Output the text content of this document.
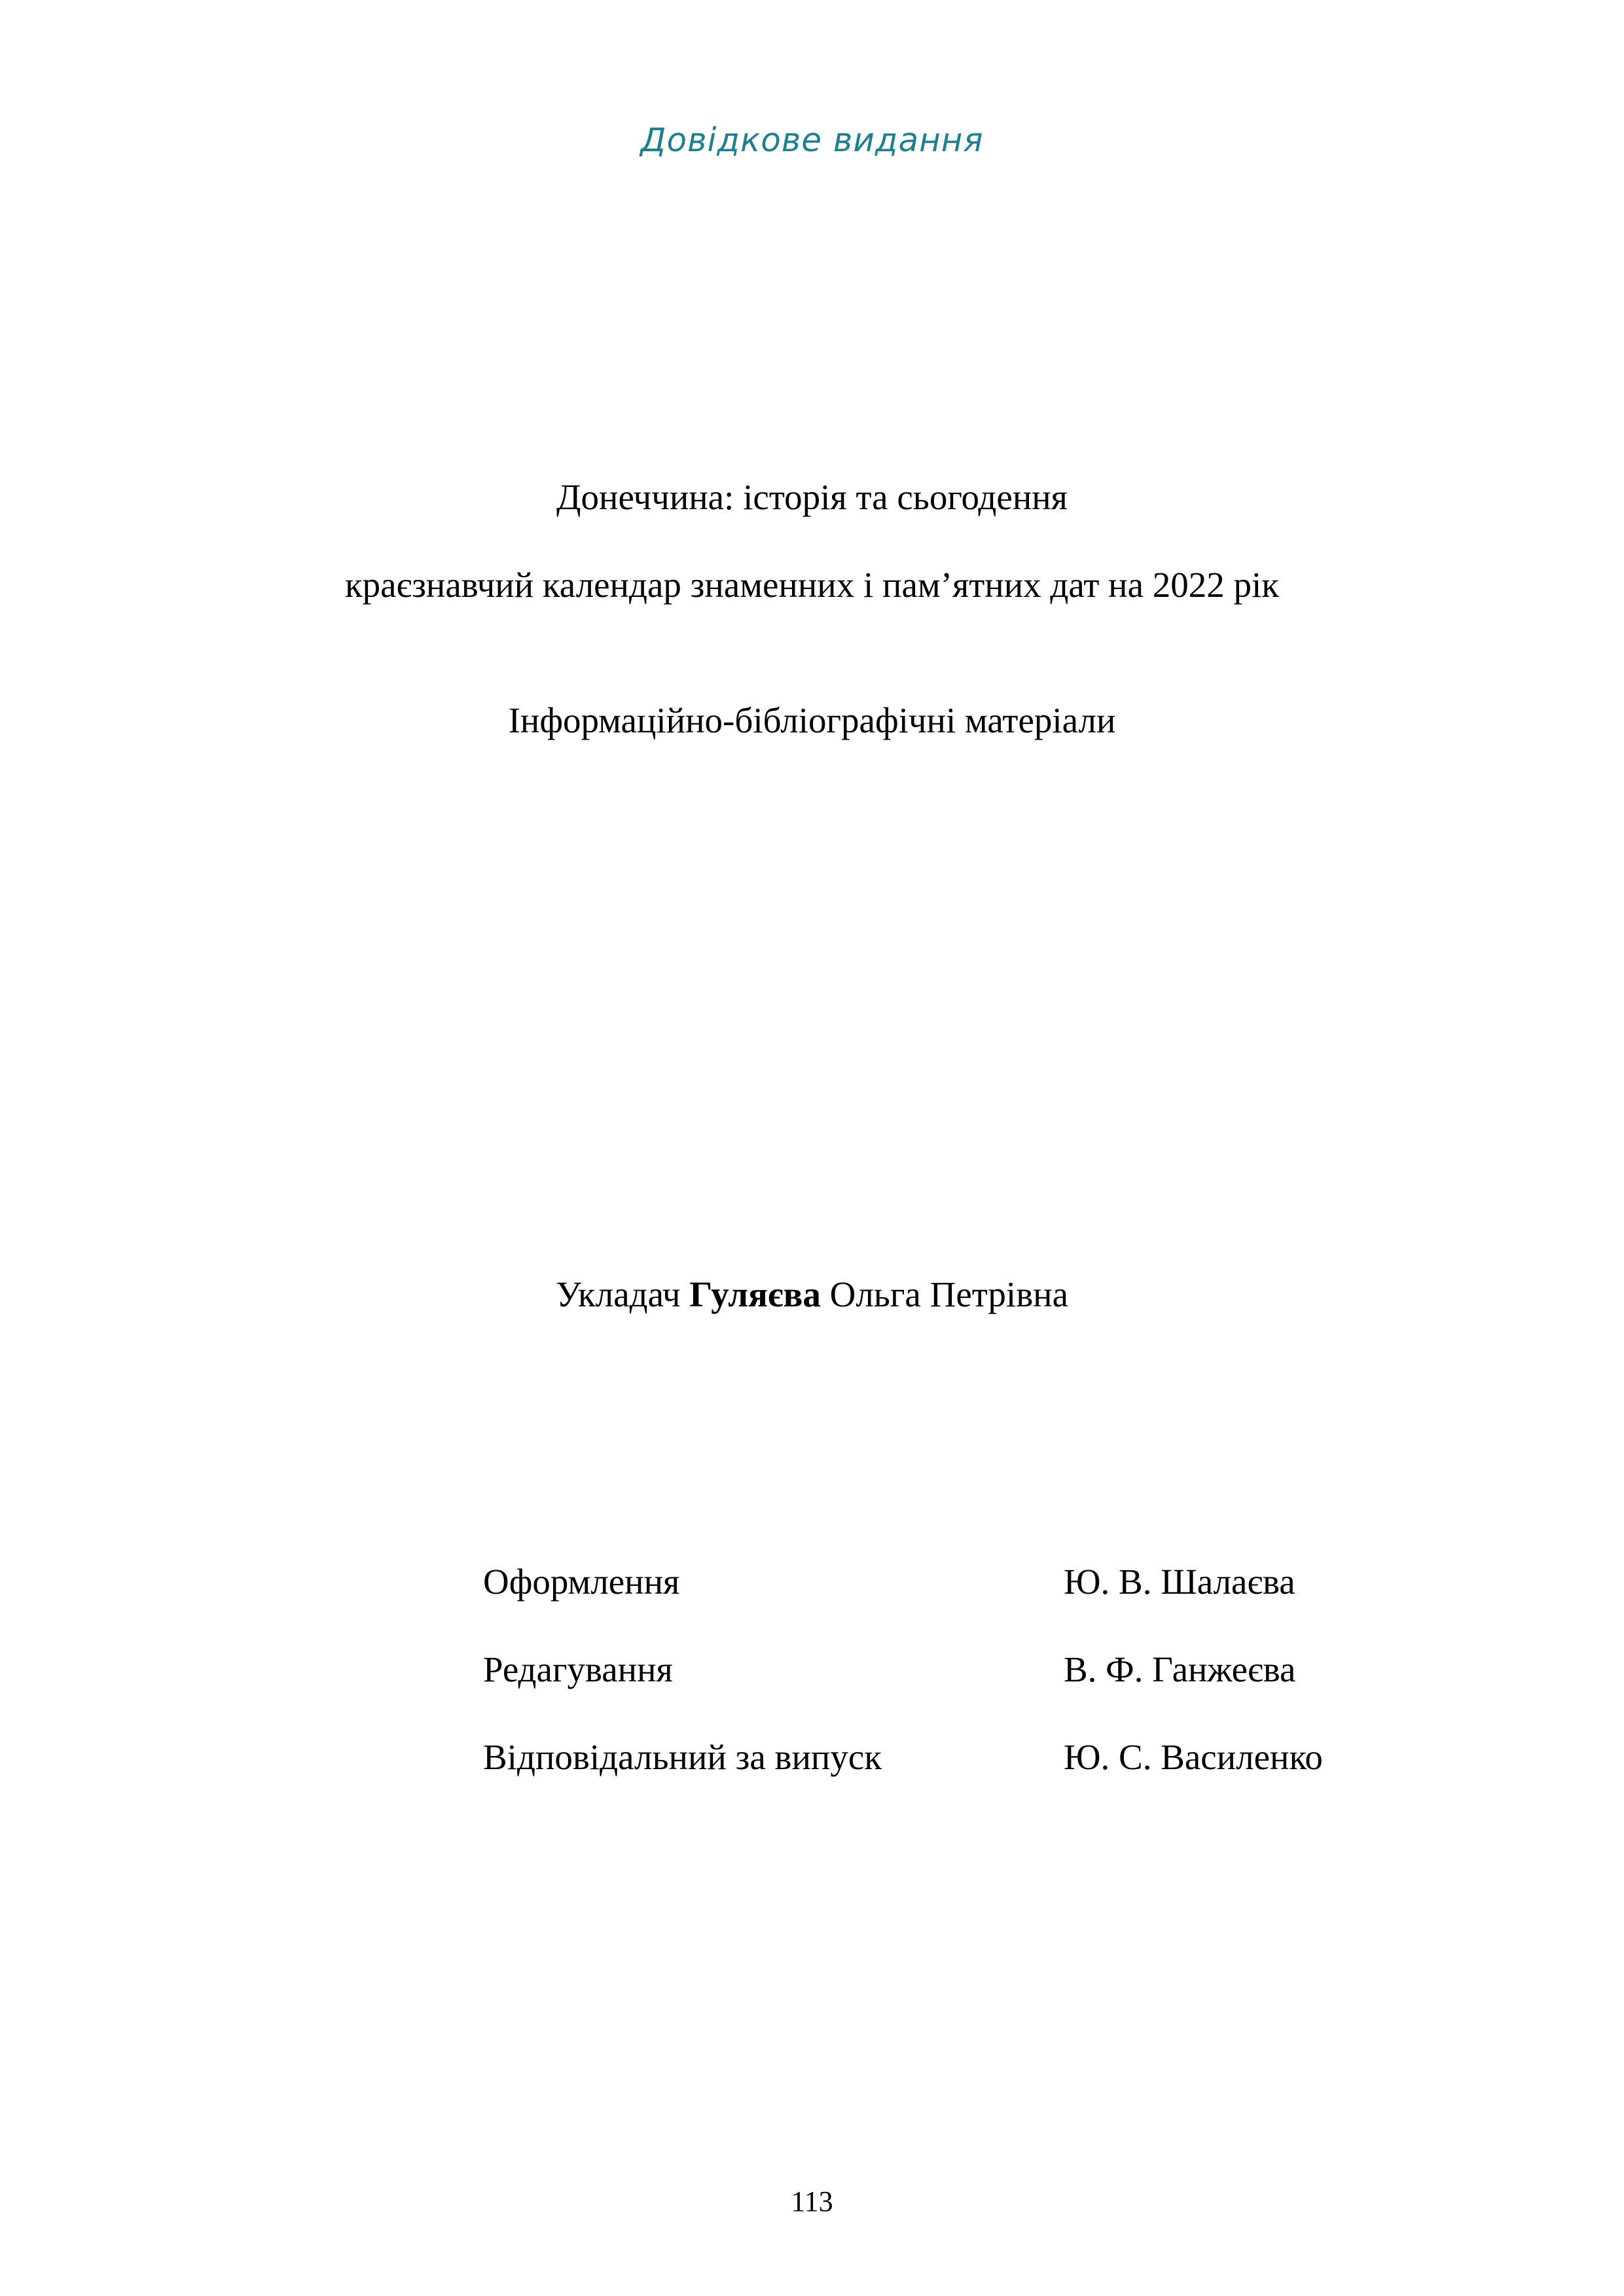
Довідкове видання
Донеччина: історія та сьогодення
краєзнавчий календар знаменних і пам’ятних дат на 2022 рік
Інформаційно-бібліографічні матеріали
Укладач Гуляєва Ольга Петрівна
Оформлення	Ю. В. Шалаєва
Редагування	В. Ф. Ганжеєва
Відповідальний за випуск	Ю. С. Василенко
113
